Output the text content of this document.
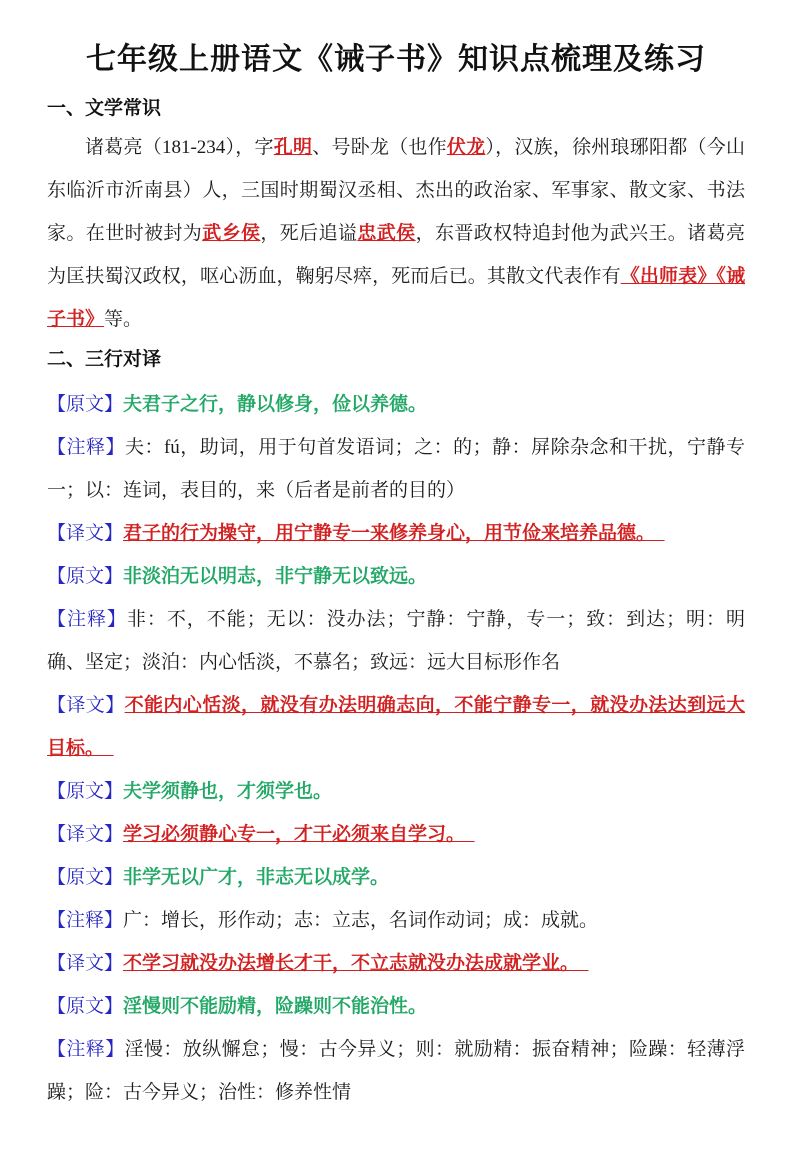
七年级上册语文《诫子书》知识点梳理及练习
一、文学常识

诸葛亮（181-234），字孔明、号卧龙（也作伏龙），汉族，徐州琅琊阳都（今山东临沂市沂南县）人，三国时期蜀汉丞相、杰出的政治家、军事家、散文家、书法家。在世时被封为武乡侯，死后追谥忠武侯，东晋政权特追封他为武兴王。诸葛亮为匡扶蜀汉政权，呕心沥血，鞠躬尽瘁，死而后已。其散文代表作有《出师表》《诫子书》等。

二、三行对译

【原文】夫君子之行，静以修身，俭以养德。

【注释】夫：fú，助词，用于句首发语词；之：的；静：屏除杂念和干扰，宁静专一；以：连词，表目的，来（后者是前者的目的）

【译文】君子的行为操守，用宁静专一来修养身心，用节俭来培养品德。

【原文】非淡泊无以明志，非宁静无以致远。

【注释】非：不，不能；无以：没办法；宁静：宁静，专一；致：到达；明：明确、坚定；淡泊：内心恬淡，不慕名；致远：远大目标形作名

【译文】不能内心恬淡，就没有办法明确志向，不能宁静专一，就没办法达到远大目标。

【原文】夫学须静也，才须学也。

【译文】学习必须静心专一，才干必须来自学习。

【原文】非学无以广才，非志无以成学。

【注释】广：增长，形作动；志：立志，名词作动词；成：成就。

【译文】不学习就没办法增长才干，不立志就没办法成就学业。

【原文】淫慢则不能励精，险躁则不能治性。

【注释】淫慢：放纵懈怠；慢：古今异义；则：就励精：振奋精神；险躁：轻薄浮躁；险：古今异义；治性：修养性情
